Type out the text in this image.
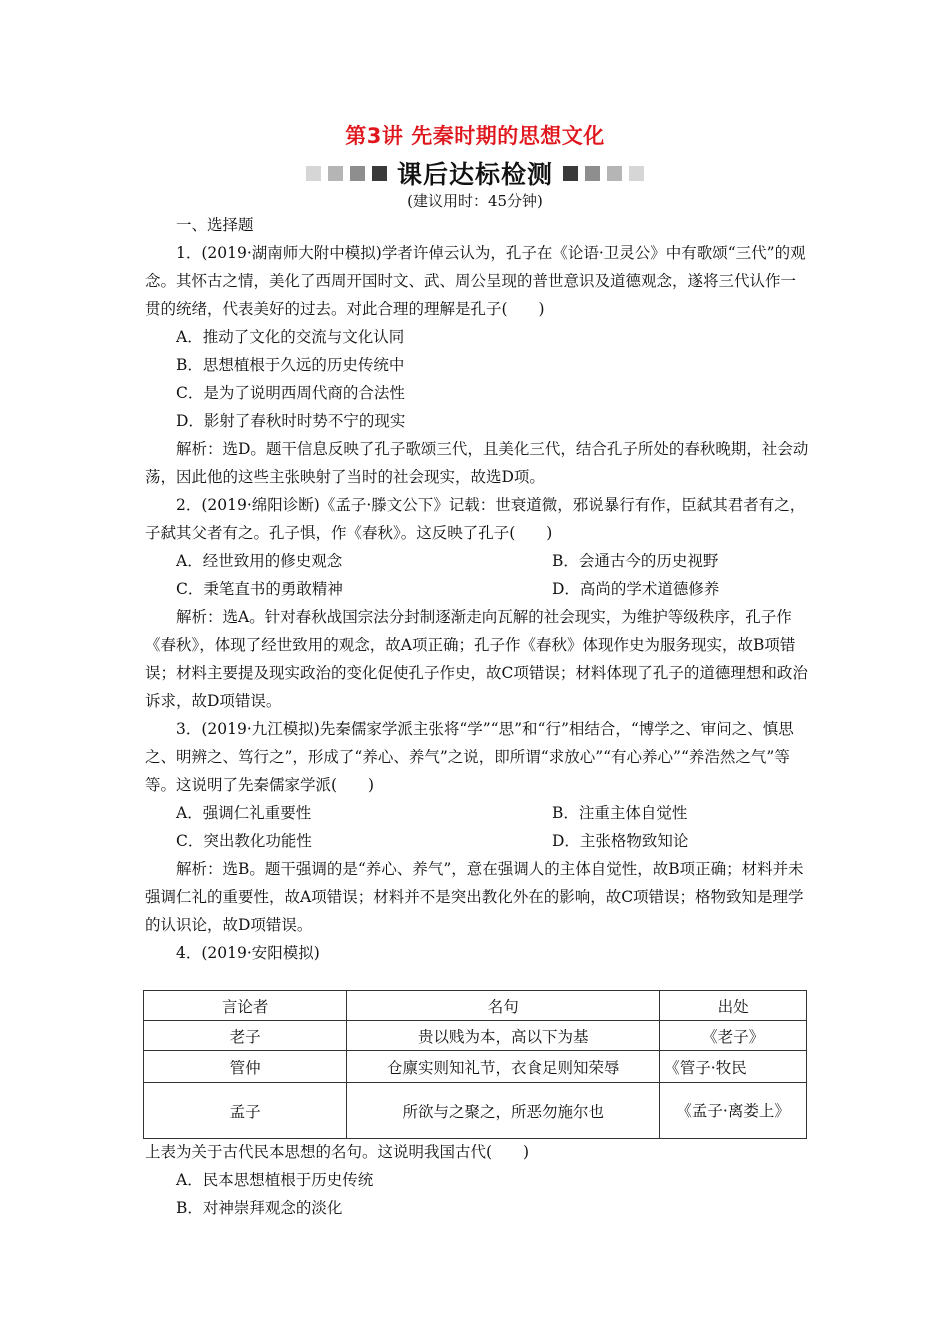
第3讲 先秦时期的思想文化
课后达标检测
(建议用时：45分钟)

一、选择题

1．(2019·湖南师大附中模拟)学者许倬云认为，孔子在《论语·卫灵公》中有歌颂“三代”的观念。其怀古之情，美化了西周开国时文、武、周公呈现的普世意识及道德观念，遂将三代认作一贯的统绪，代表美好的过去。对此合理的理解是孔子(　　)

A．推动了文化的交流与文化认同

B．思想植根于久远的历史传统中

C．是为了说明西周代商的合法性

D．影射了春秋时时势不宁的现实

解析：选D。题干信息反映了孔子歌颂三代，且美化三代，结合孔子所处的春秋晚期，社会动荡，因此他的这些主张映射了当时的社会现实，故选D项。

2．(2019·绵阳诊断)《孟子·滕文公下》记载：世衰道微，邪说暴行有作，臣弑其君者有之，子弑其父者有之。孔子惧，作《春秋》。这反映了孔子(　　)

A．经世致用的修史观念	B．会通古今的历史视野
C．秉笔直书的勇敢精神	D．高尚的学术道德修养

解析：选A。针对春秋战国宗法分封制逐渐走向瓦解的社会现实，为维护等级秩序，孔子作《春秋》，体现了经世致用的观念，故A项正确；孔子作《春秋》体现作史为服务现实，故B项错误；材料主要提及现实政治的变化促使孔子作史，故C项错误；材料体现了孔子的道德理想和政治诉求，故D项错误。

3．(2019·九江模拟)先秦儒家学派主张将“学”“思”和“行”相结合，“博学之、审问之、慎思之、明辨之、笃行之”，形成了“养心、养气”之说，即所谓“求放心”“有心养心”“养浩然之气”等等。这说明了先秦儒家学派(　　)

A．强调仁礼重要性	B．注重主体自觉性
C．突出教化功能性	D．主张格物致知论

解析：选B。题干强调的是“养心、养气”，意在强调人的主体自觉性，故B项正确；材料并未强调仁礼的重要性，故A项错误；材料并不是突出教化外在的影响，故C项错误；格物致知是理学的认识论，故D项错误。

4．(2019·安阳模拟)

言论者	名句	出处
老子	贵以贱为本，高以下为基	《老子》
管仲	仓廪实则知礼节，衣食足则知荣辱	《管子·牧民
孟子	所欲与之聚之，所恶勿施尔也	《孟子·离娄上》

上表为关于古代民本思想的名句。这说明我国古代(　　)

A．民本思想植根于历史传统

B．对神崇拜观念的淡化
